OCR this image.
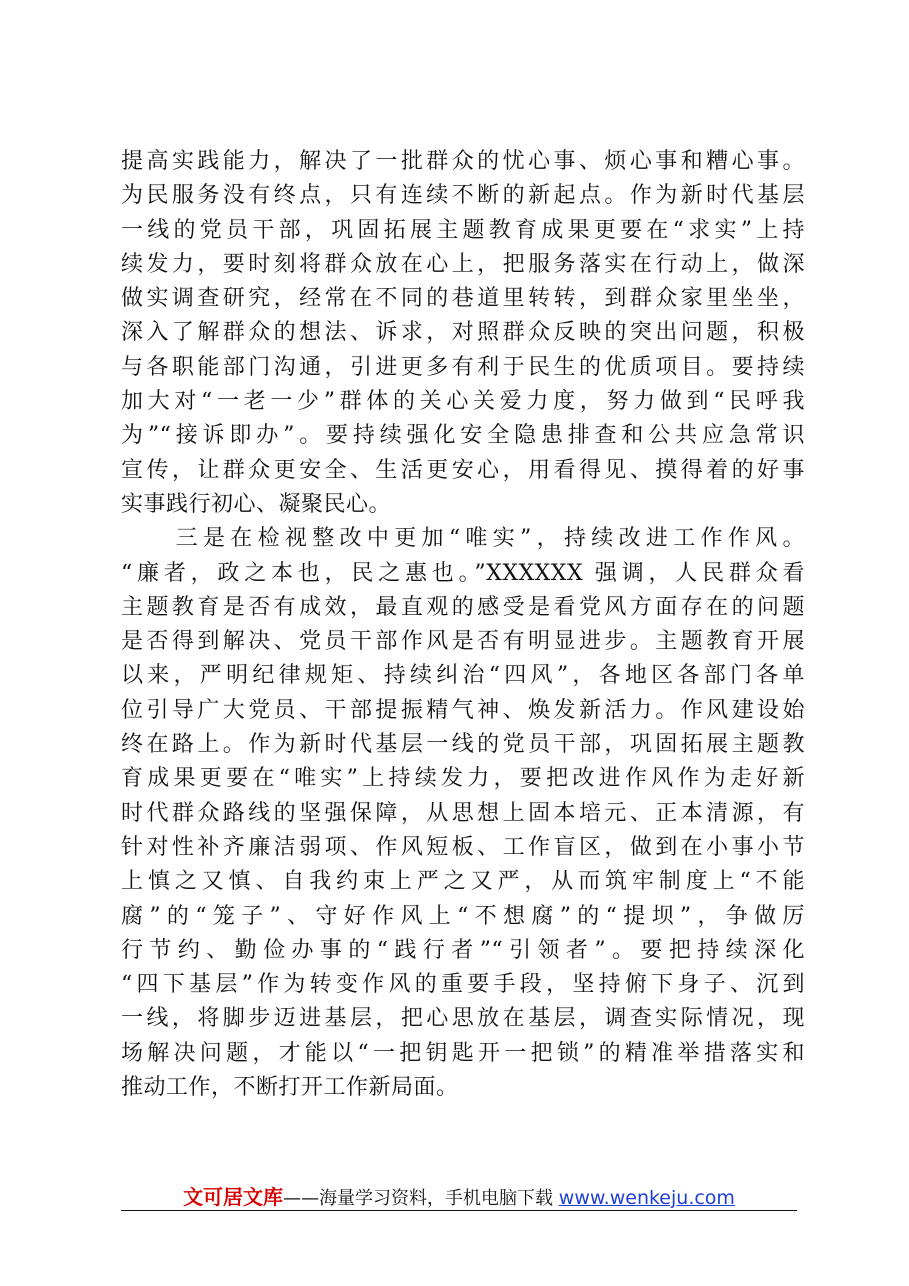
提高实践能力，解决了一批群众的忧心事、烦心事和糟心事。
为民服务没有终点，只有连续不断的新起点。作为新时代基层
一线的党员干部，巩固拓展主题教育成果更要在“求实”上持
续发力，要时刻将群众放在心上，把服务落实在行动上，做深
做实调查研究，经常在不同的巷道里转转，到群众家里坐坐，
深入了解群众的想法、诉求，对照群众反映的突出问题，积极
与各职能部门沟通，引进更多有利于民生的优质项目。要持续
加大对“一老一少”群体的关心关爱力度，努力做到“民呼我
为”“接诉即办”。要持续强化安全隐患排查和公共应急常识
宣传，让群众更安全、生活更安心，用看得见、摸得着的好事
实事践行初心、凝聚民心。
　　三是在检视整改中更加“唯实”，持续改进工作作风。
“廉者，政之本也，民之惠也。”XXXXXX 强调，人民群众看
主题教育是否有成效，最直观的感受是看党风方面存在的问题
是否得到解决、党员干部作风是否有明显进步。主题教育开展
以来，严明纪律规矩、持续纠治“四风”，各地区各部门各单
位引导广大党员、干部提振精气神、焕发新活力。作风建设始
终在路上。作为新时代基层一线的党员干部，巩固拓展主题教
育成果更要在“唯实”上持续发力，要把改进作风作为走好新
时代群众路线的坚强保障，从思想上固本培元、正本清源，有
针对性补齐廉洁弱项、作风短板、工作盲区，做到在小事小节
上慎之又慎、自我约束上严之又严，从而筑牢制度上“不能
腐”的“笼子”、守好作风上“不想腐”的“提坝”，争做厉
行节约、勤俭办事的“践行者”“引领者”。要把持续深化
“四下基层”作为转变作风的重要手段，坚持俯下身子、沉到
一线，将脚步迈进基层，把心思放在基层，调查实际情况，现
场解决问题，才能以“一把钥匙开一把锁”的精准举措落实和
推动工作，不断打开工作新局面。
文可居文库——海量学习资料，手机电脑下载 www.wenkeju.com
